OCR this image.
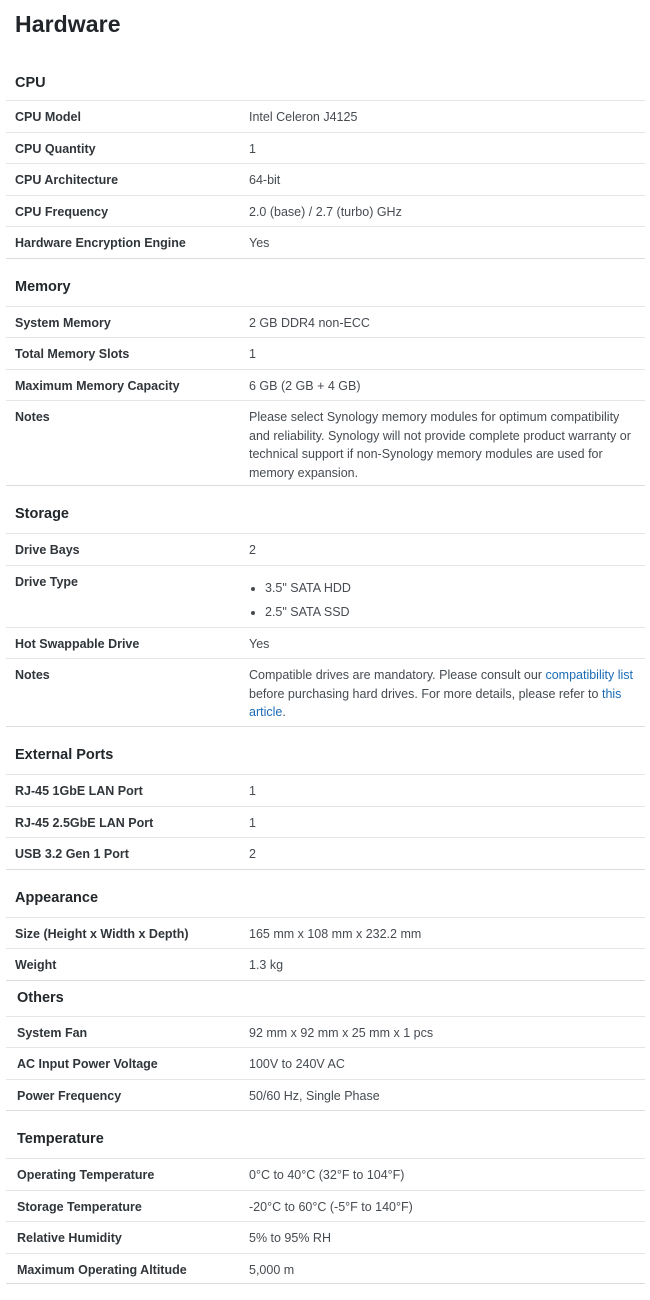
Hardware
CPU
CPU Model	Intel Celeron J4125
CPU Quantity	1
CPU Architecture	64-bit
CPU Frequency	2.0 (base) / 2.7 (turbo) GHz
Hardware Encryption Engine	Yes
Memory
System Memory	2 GB DDR4 non-ECC
Total Memory Slots	1
Maximum Memory Capacity	6 GB (2 GB + 4 GB)
Notes	Please select Synology memory modules for optimum compatibility and reliability. Synology will not provide complete product warranty or technical support if non-Synology memory modules are used for memory expansion.
Storage
Drive Bays	2
Drive Type	• 3.5" SATA HDD
• 2.5" SATA SSD
Hot Swappable Drive	Yes
Notes	Compatible drives are mandatory. Please consult our compatibility list before purchasing hard drives. For more details, please refer to this article.
External Ports
RJ-45 1GbE LAN Port	1
RJ-45 2.5GbE LAN Port	1
USB 3.2 Gen 1 Port	2
Appearance
Size (Height x Width x Depth)	165 mm x 108 mm x 232.2 mm
Weight	1.3 kg
Others
System Fan	92 mm x 92 mm x 25 mm x 1 pcs
AC Input Power Voltage	100V to 240V AC
Power Frequency	50/60 Hz, Single Phase
Temperature
Operating Temperature	0°C to 40°C (32°F to 104°F)
Storage Temperature	-20°C to 60°C (-5°F to 140°F)
Relative Humidity	5% to 95% RH
Maximum Operating Altitude	5,000 m
